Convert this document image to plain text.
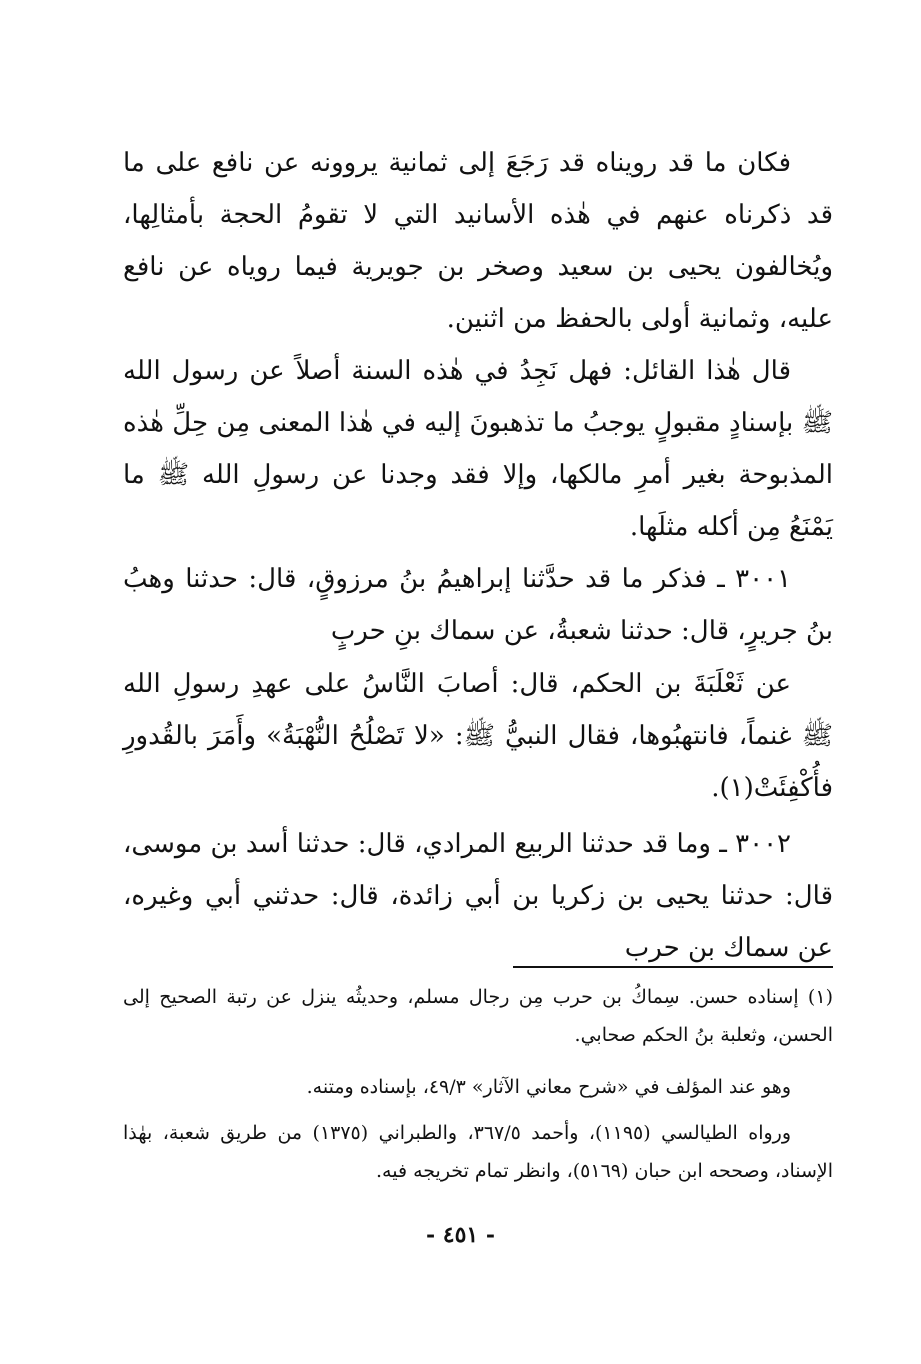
فكان ما قد رويناه قد رَجَعَ إلى ثمانية يروونه عن نافع على ما قد ذكرناه عنهم في هٰذه الأسانيد التي لا تقومُ الحجة بأمثالِها، ويُخالفون يحيى بن سعيد وصخر بن جويرية فيما روياه عن نافع عليه، وثمانية أولى بالحفظ من اثنين.

قال هٰذا القائل: فهل نَجِدُ في هٰذه السنة أصلاً عن رسول الله ﷺ بإسنادٍ مقبولٍ يوجبُ ما تذهبونَ إليه في هٰذا المعنى مِن حِلِّ هٰذه المذبوحة بغير أمرِ مالكها، وإلا فقد وجدنا عن رسولِ الله ﷺ ما يَمْنَعُ مِن أكله مثلَها.

٣٠٠١ ـ فذكر ما قد حدَّثنا إبراهيمُ بنُ مرزوقٍ، قال: حدثنا وهبُ بنُ جريرٍ، قال: حدثنا شعبةُ، عن سماك بنِ حربٍ

عن ثَعْلَبَةَ بن الحكم، قال: أصابَ النَّاسُ على عهدِ رسولِ الله ﷺ غنماً، فانتهبُوها، فقال النبيُّ ﷺ: «لا تَصْلُحُ النُّهْبَةُ» وأَمَرَ بالقُدورِ فأُكْفِئَتْ(١).

٣٠٠٢ ـ وما قد حدثنا الربيع المرادي، قال: حدثنا أسد بن موسى، قال: حدثنا يحيى بن زكريا بن أبي زائدة، قال: حدثني أبي وغيره، عن سماك بن حرب

(١) إسناده حسن. سِماكُ بن حرب مِن رجال مسلم، وحديثُه ينزل عن رتبة الصحيح إلى الحسن، وثعلبة بنُ الحكم صحابي.

وهو عند المؤلف في «شرح معاني الآثار» ٤٩/٣، بإسناده ومتنه.

ورواه الطيالسي (١١٩٥)، وأحمد ٣٦٧/٥، والطبراني (١٣٧٥) من طريق شعبة، بهٰذا الإسناد، وصححه ابن حبان (٥١٦٩)، وانظر تمام تخريجه فيه.

- ٤٥١ -
